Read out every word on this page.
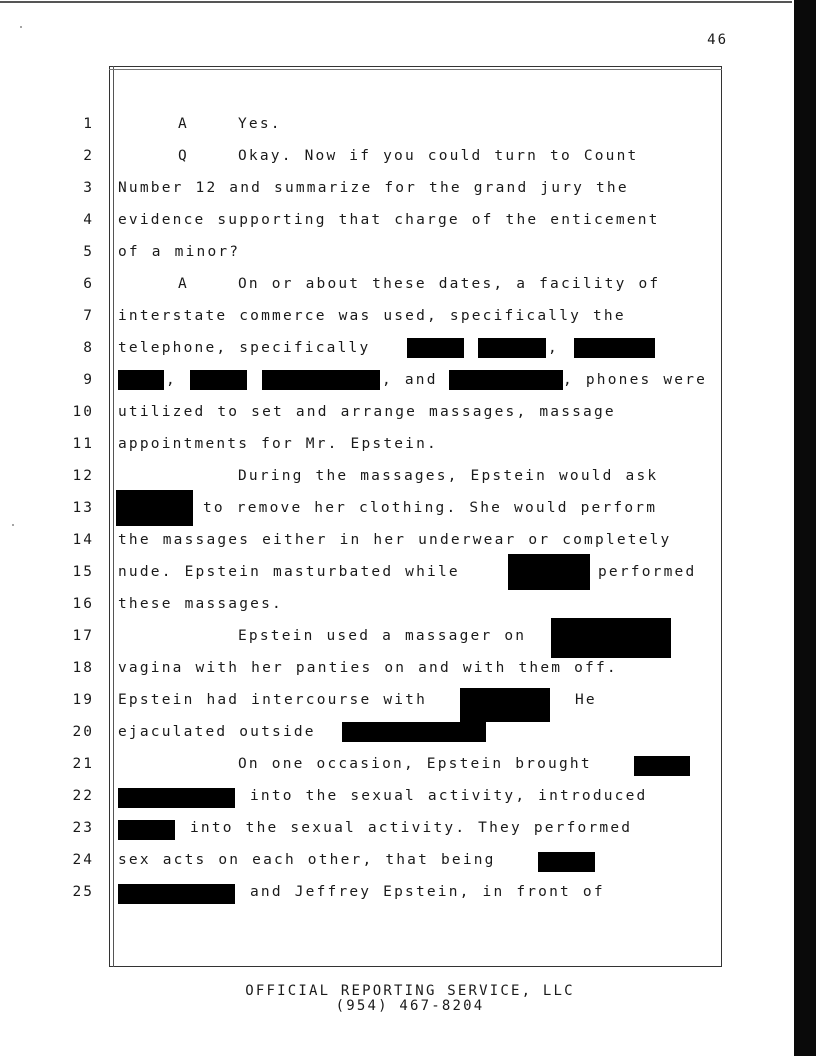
46
1	A	Yes.
2	Q	Okay. Now if you could turn to Count
3 Number 12 and summarize for the grand jury the
4 evidence supporting that charge of the enticement
5 of a minor?
6	A	On or about these dates, a facility of
7 interstate commerce was used, specifically the
8 telephone, specifically	,
9	,	, and	, phones were
10 utilized to set and arrange massages, massage
11 appointments for Mr. Epstein.
12	During the massages, Epstein would ask
13	to remove her clothing. She would perform
14 the massages either in her underwear or completely
15 nude. Epstein masturbated while	performed
16 these massages.
17	Epstein used a massager on
18 vagina with her panties on and with them off.
19 Epstein had intercourse with	He
20 ejaculated outside
21	On one occasion, Epstein brought
22	into the sexual activity, introduced
23	into the sexual activity. They performed
24 sex acts on each other, that being
25	and Jeffrey Epstein, in front of
OFFICIAL REPORTING SERVICE, LLC
(954) 467-8204
